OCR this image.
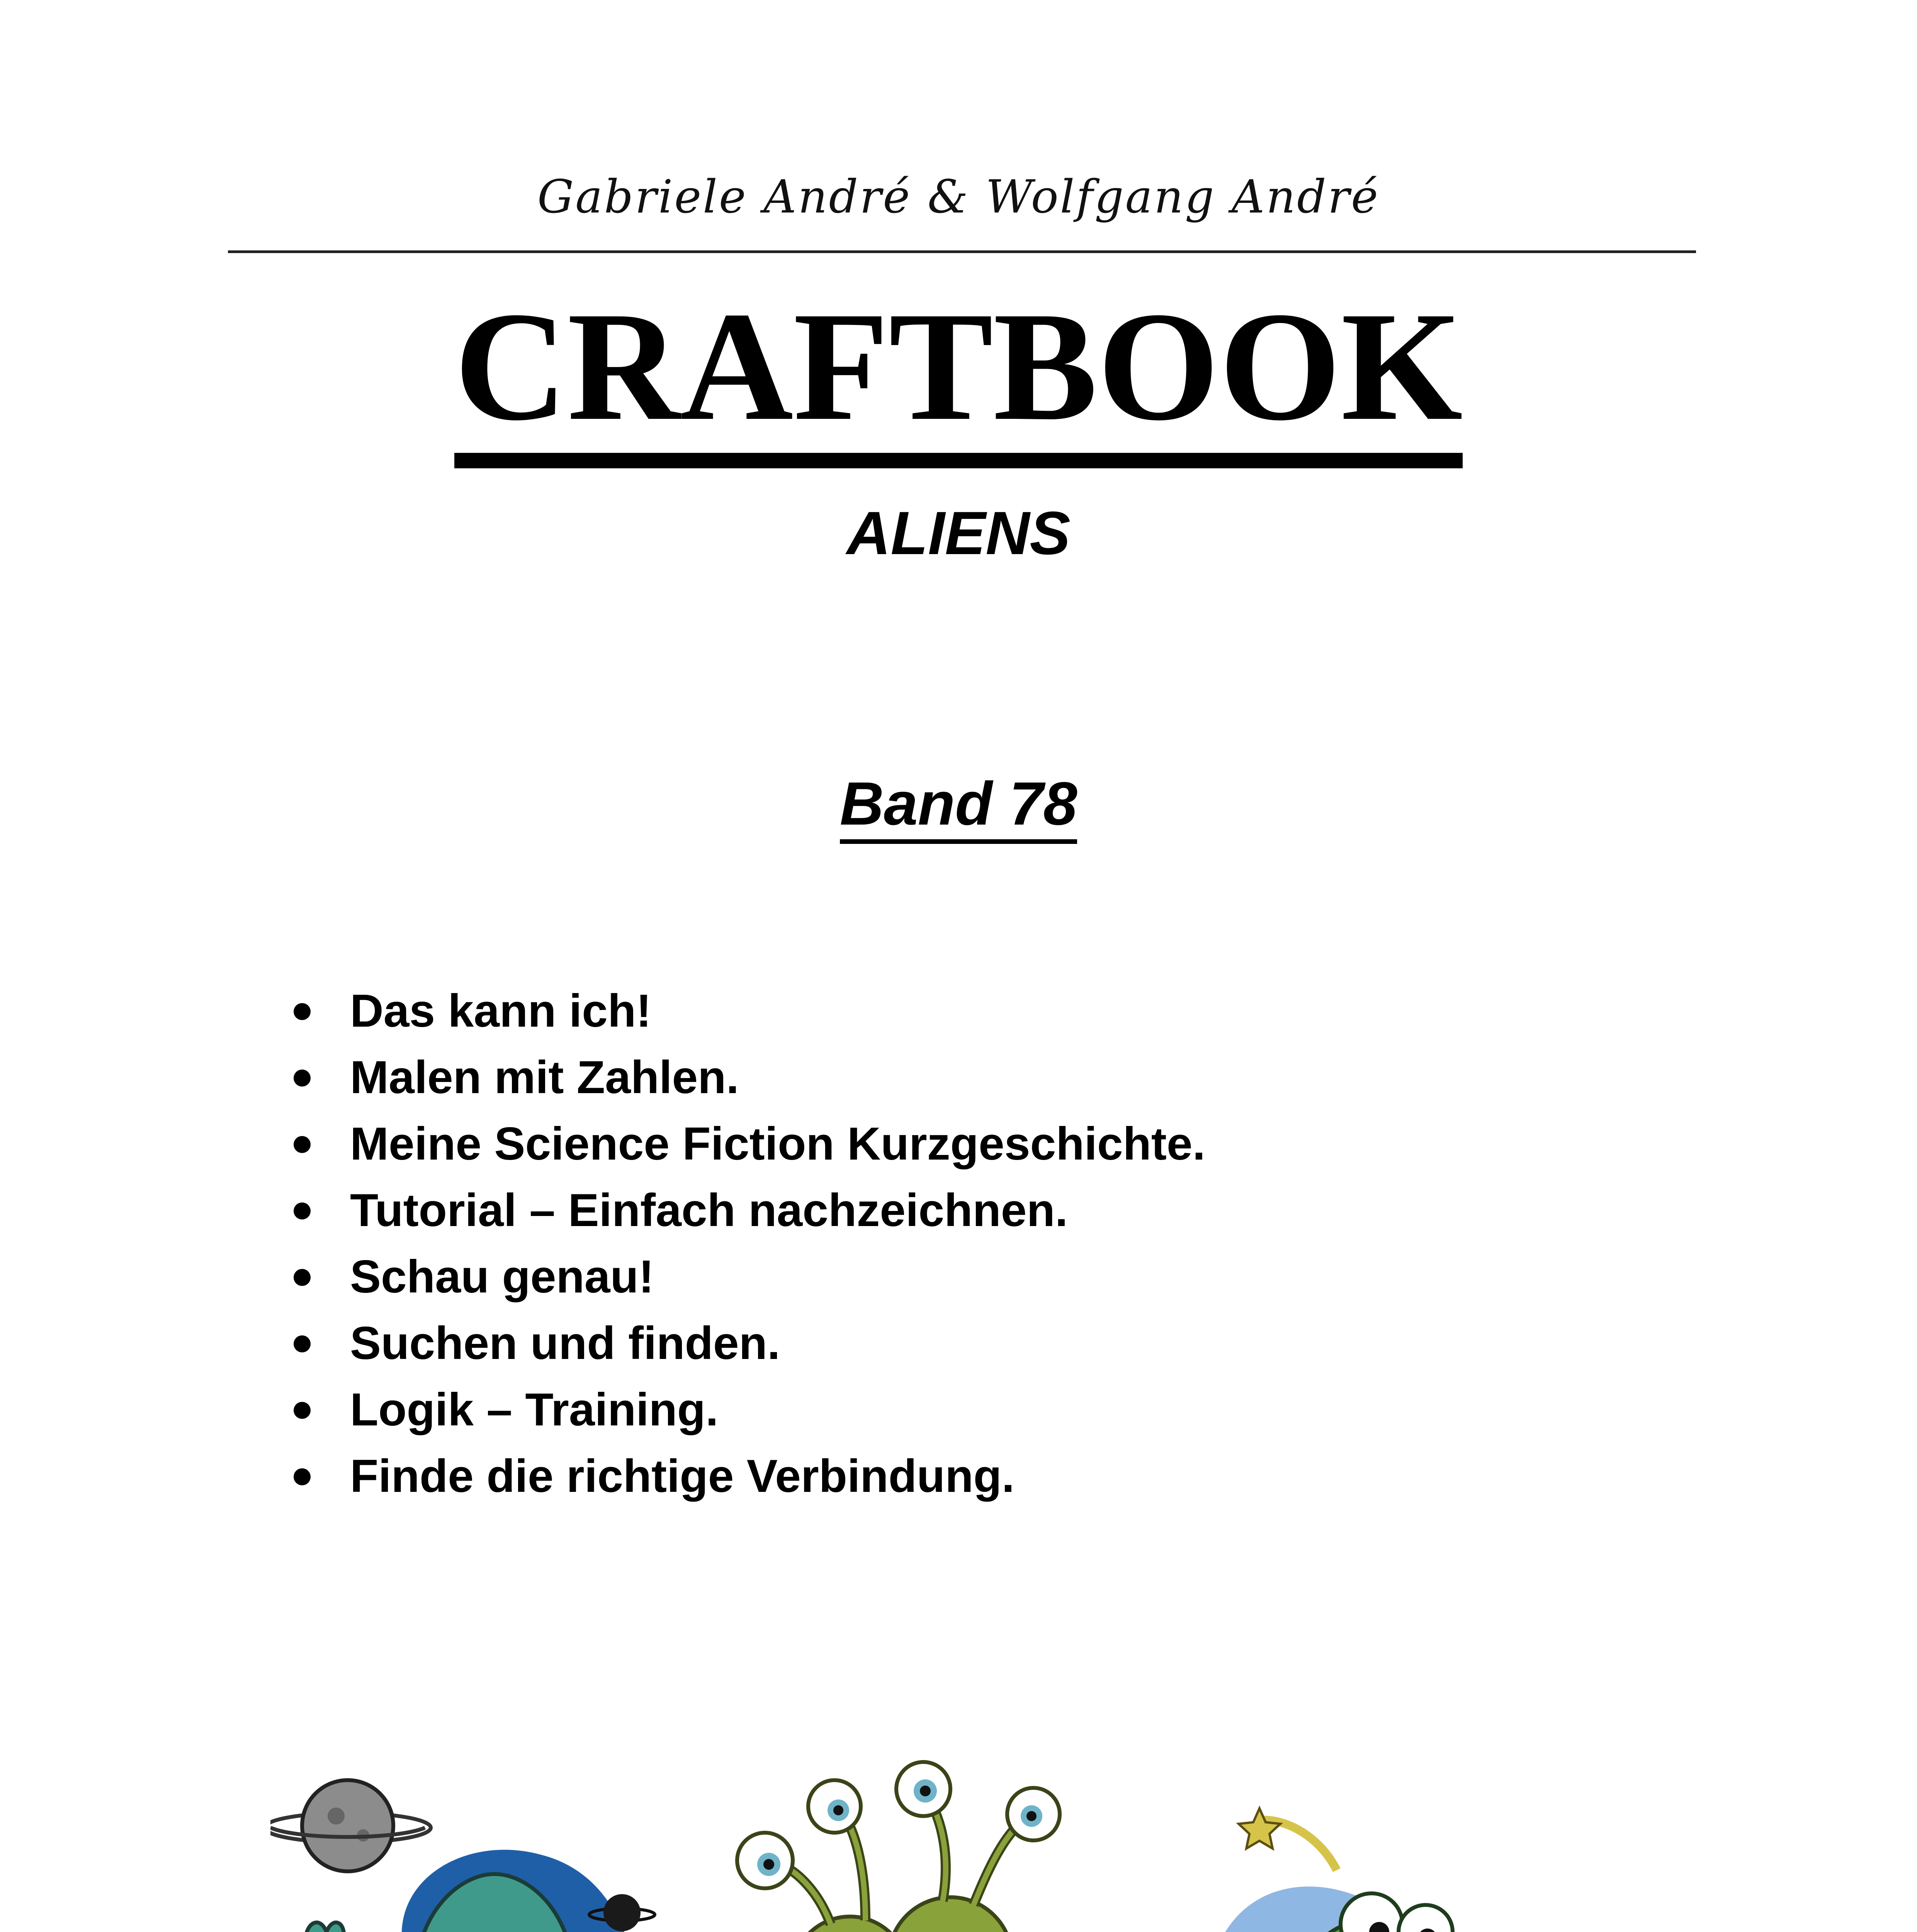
Gabriele André & Wolfgang André
CRAFTBOOK
ALIENS
Band 78
Das kann ich!
Malen mit Zahlen.
Meine Science Fiction Kurzgeschichte.
Tutorial – Einfach nachzeichnen.
Schau genau!
Suchen und finden.
Logik – Training.
Finde die richtige Verbindung.
